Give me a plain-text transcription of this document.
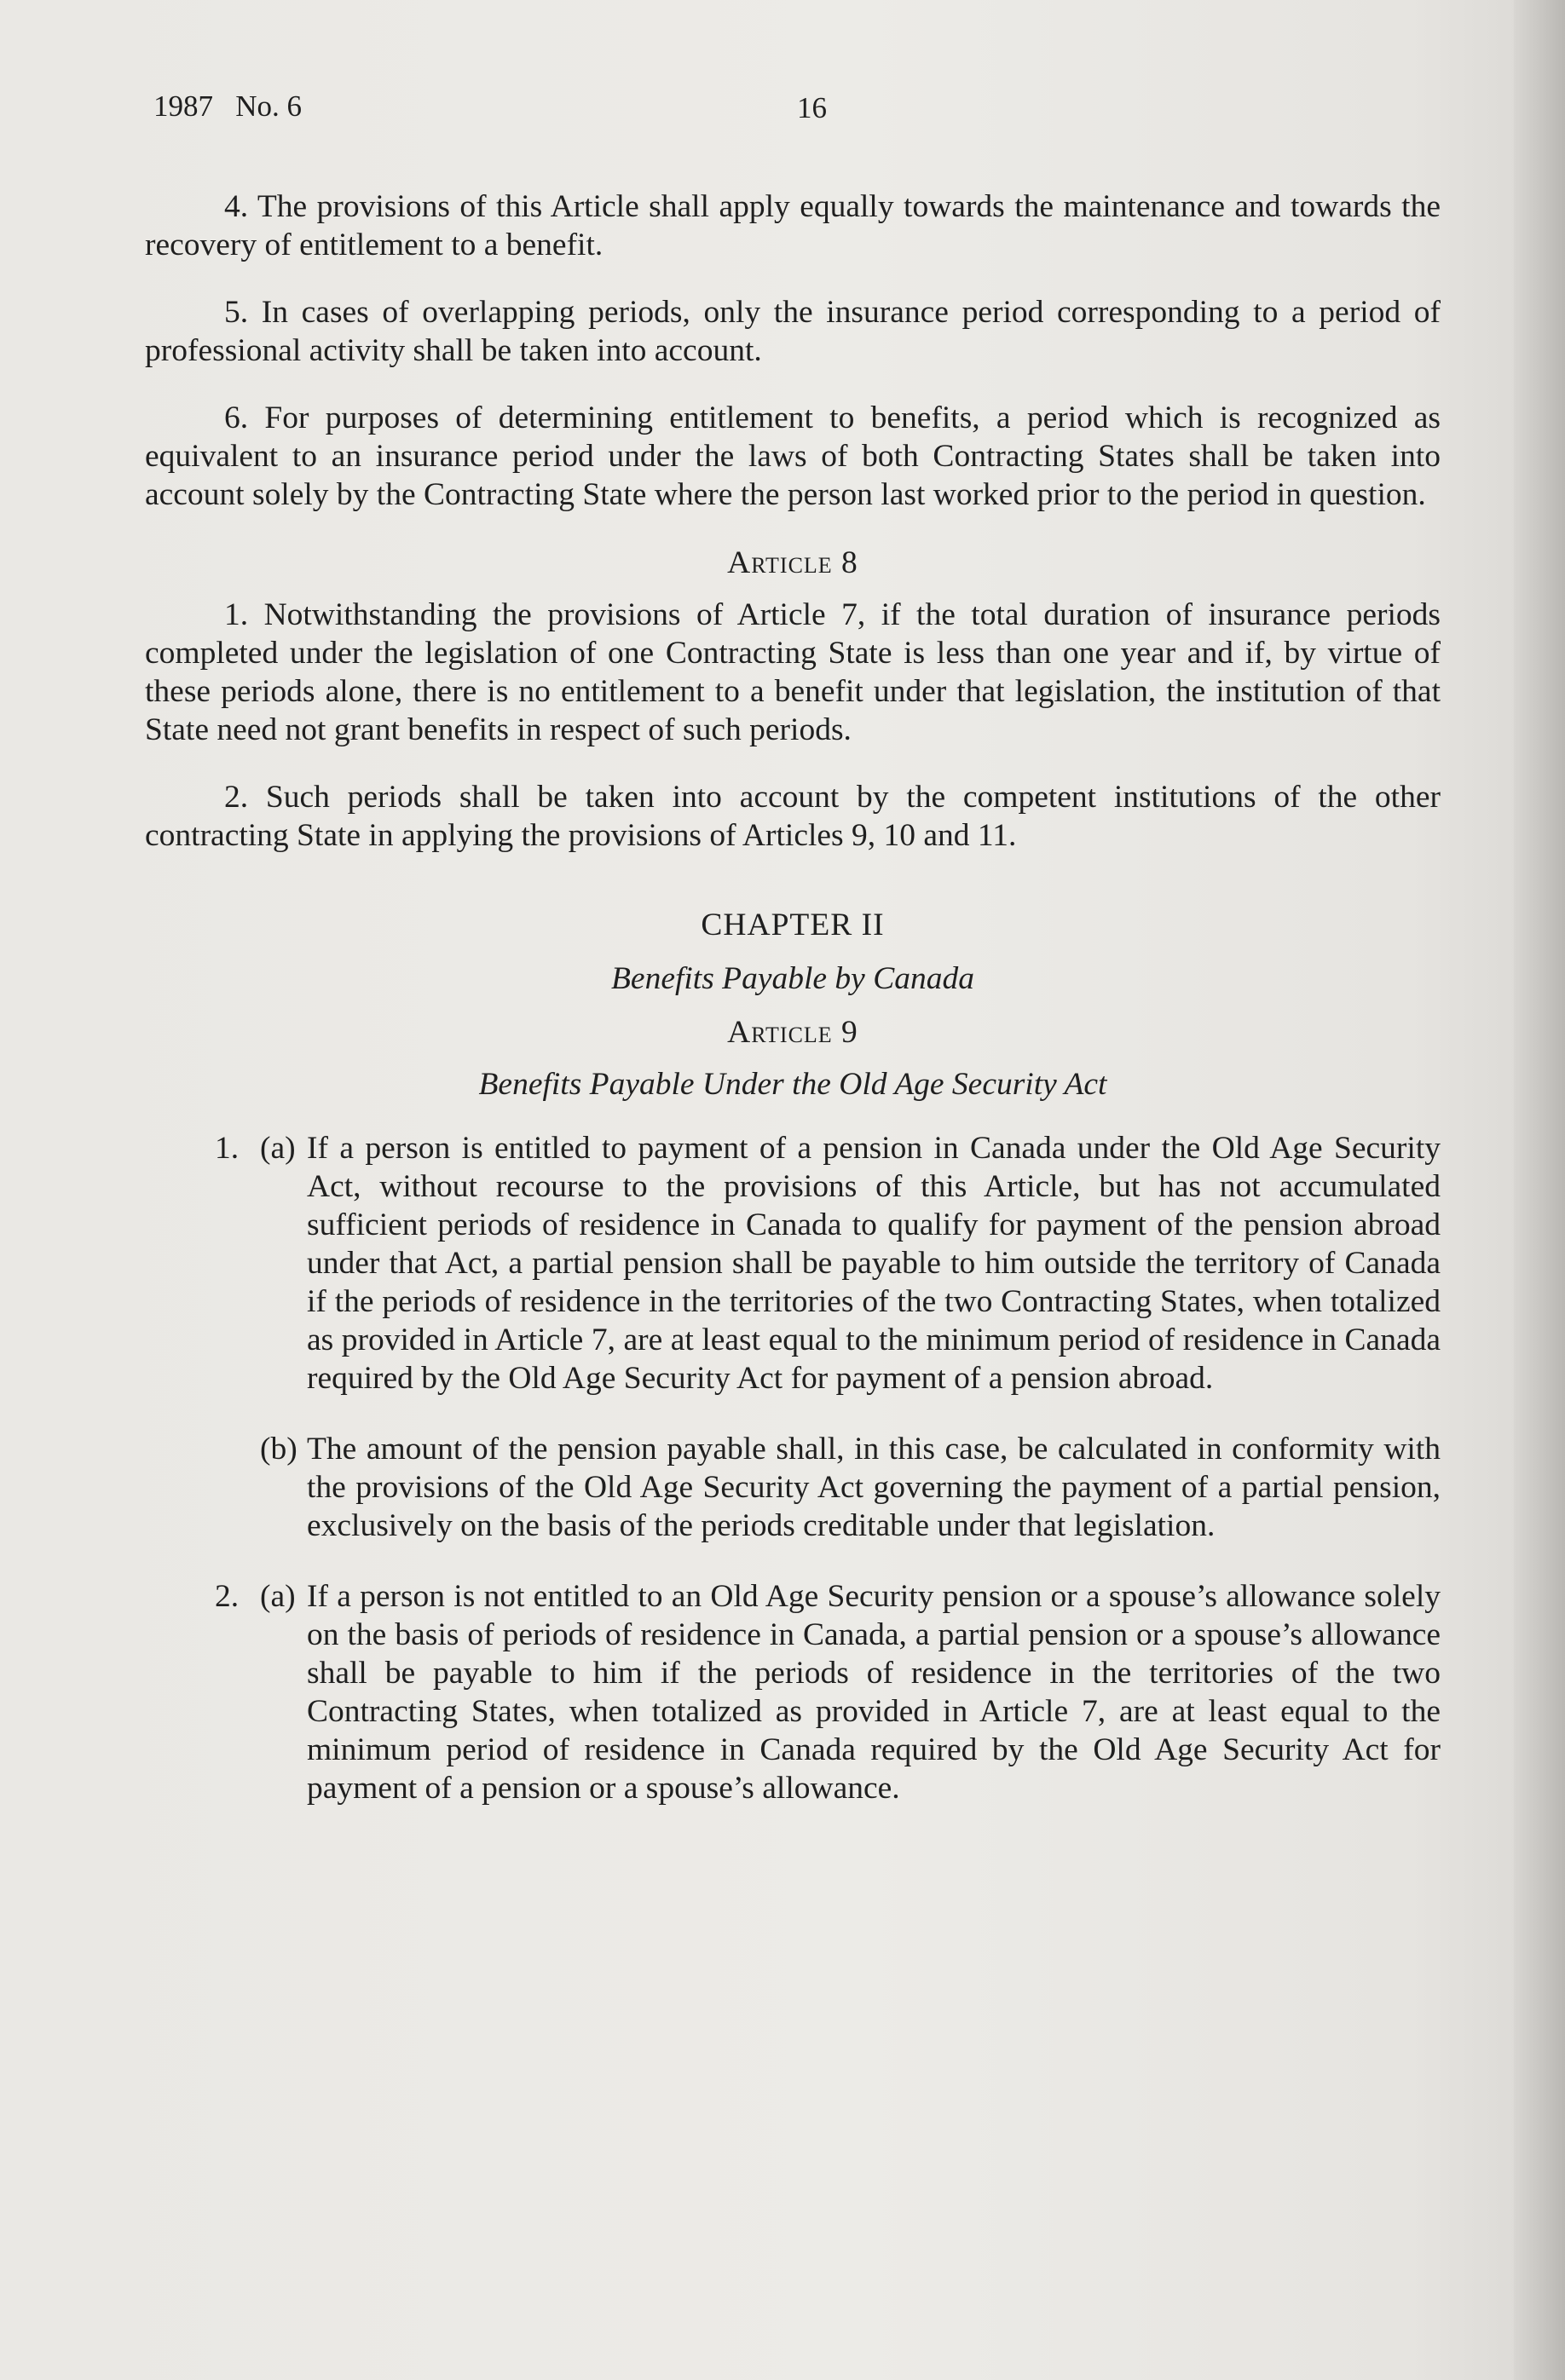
1987   No. 6	16

4. The provisions of this Article shall apply equally towards the maintenance and towards the recovery of entitlement to a benefit.

5. In cases of overlapping periods, only the insurance period corresponding to a period of professional activity shall be taken into account.

6. For purposes of determining entitlement to benefits, a period which is recognized as equivalent to an insurance period under the laws of both Contracting States shall be taken into account solely by the Contracting State where the person last worked prior to the period in question.

Article 8

1. Notwithstanding the provisions of Article 7, if the total duration of insurance periods completed under the legislation of one Contracting State is less than one year and if, by virtue of these periods alone, there is no entitlement to a benefit under that legislation, the institution of that State need not grant benefits in respect of such periods.

2. Such periods shall be taken into account by the competent institutions of the other contracting State in applying the provisions of Articles 9, 10 and 11.

CHAPTER II

Benefits Payable by Canada

Article 9

Benefits Payable Under the Old Age Security Act

1. (a) If a person is entitled to payment of a pension in Canada under the Old Age Security Act, without recourse to the provisions of this Article, but has not accumulated sufficient periods of residence in Canada to qualify for payment of the pension abroad under that Act, a partial pension shall be payable to him outside the territory of Canada if the periods of residence in the territories of the two Contracting States, when totalized as provided in Article 7, are at least equal to the minimum period of residence in Canada required by the Old Age Security Act for payment of a pension abroad.
(b) The amount of the pension payable shall, in this case, be calculated in conformity with the provisions of the Old Age Security Act governing the payment of a partial pension, exclusively on the basis of the periods creditable under that legislation.
2. (a) If a person is not entitled to an Old Age Security pension or a spouse’s allowance solely on the basis of periods of residence in Canada, a partial pension or a spouse’s allowance shall be payable to him if the periods of residence in the territories of the two Contracting States, when totalized as provided in Article 7, are at least equal to the minimum period of residence in Canada required by the Old Age Security Act for payment of a pension or a spouse’s allowance.
